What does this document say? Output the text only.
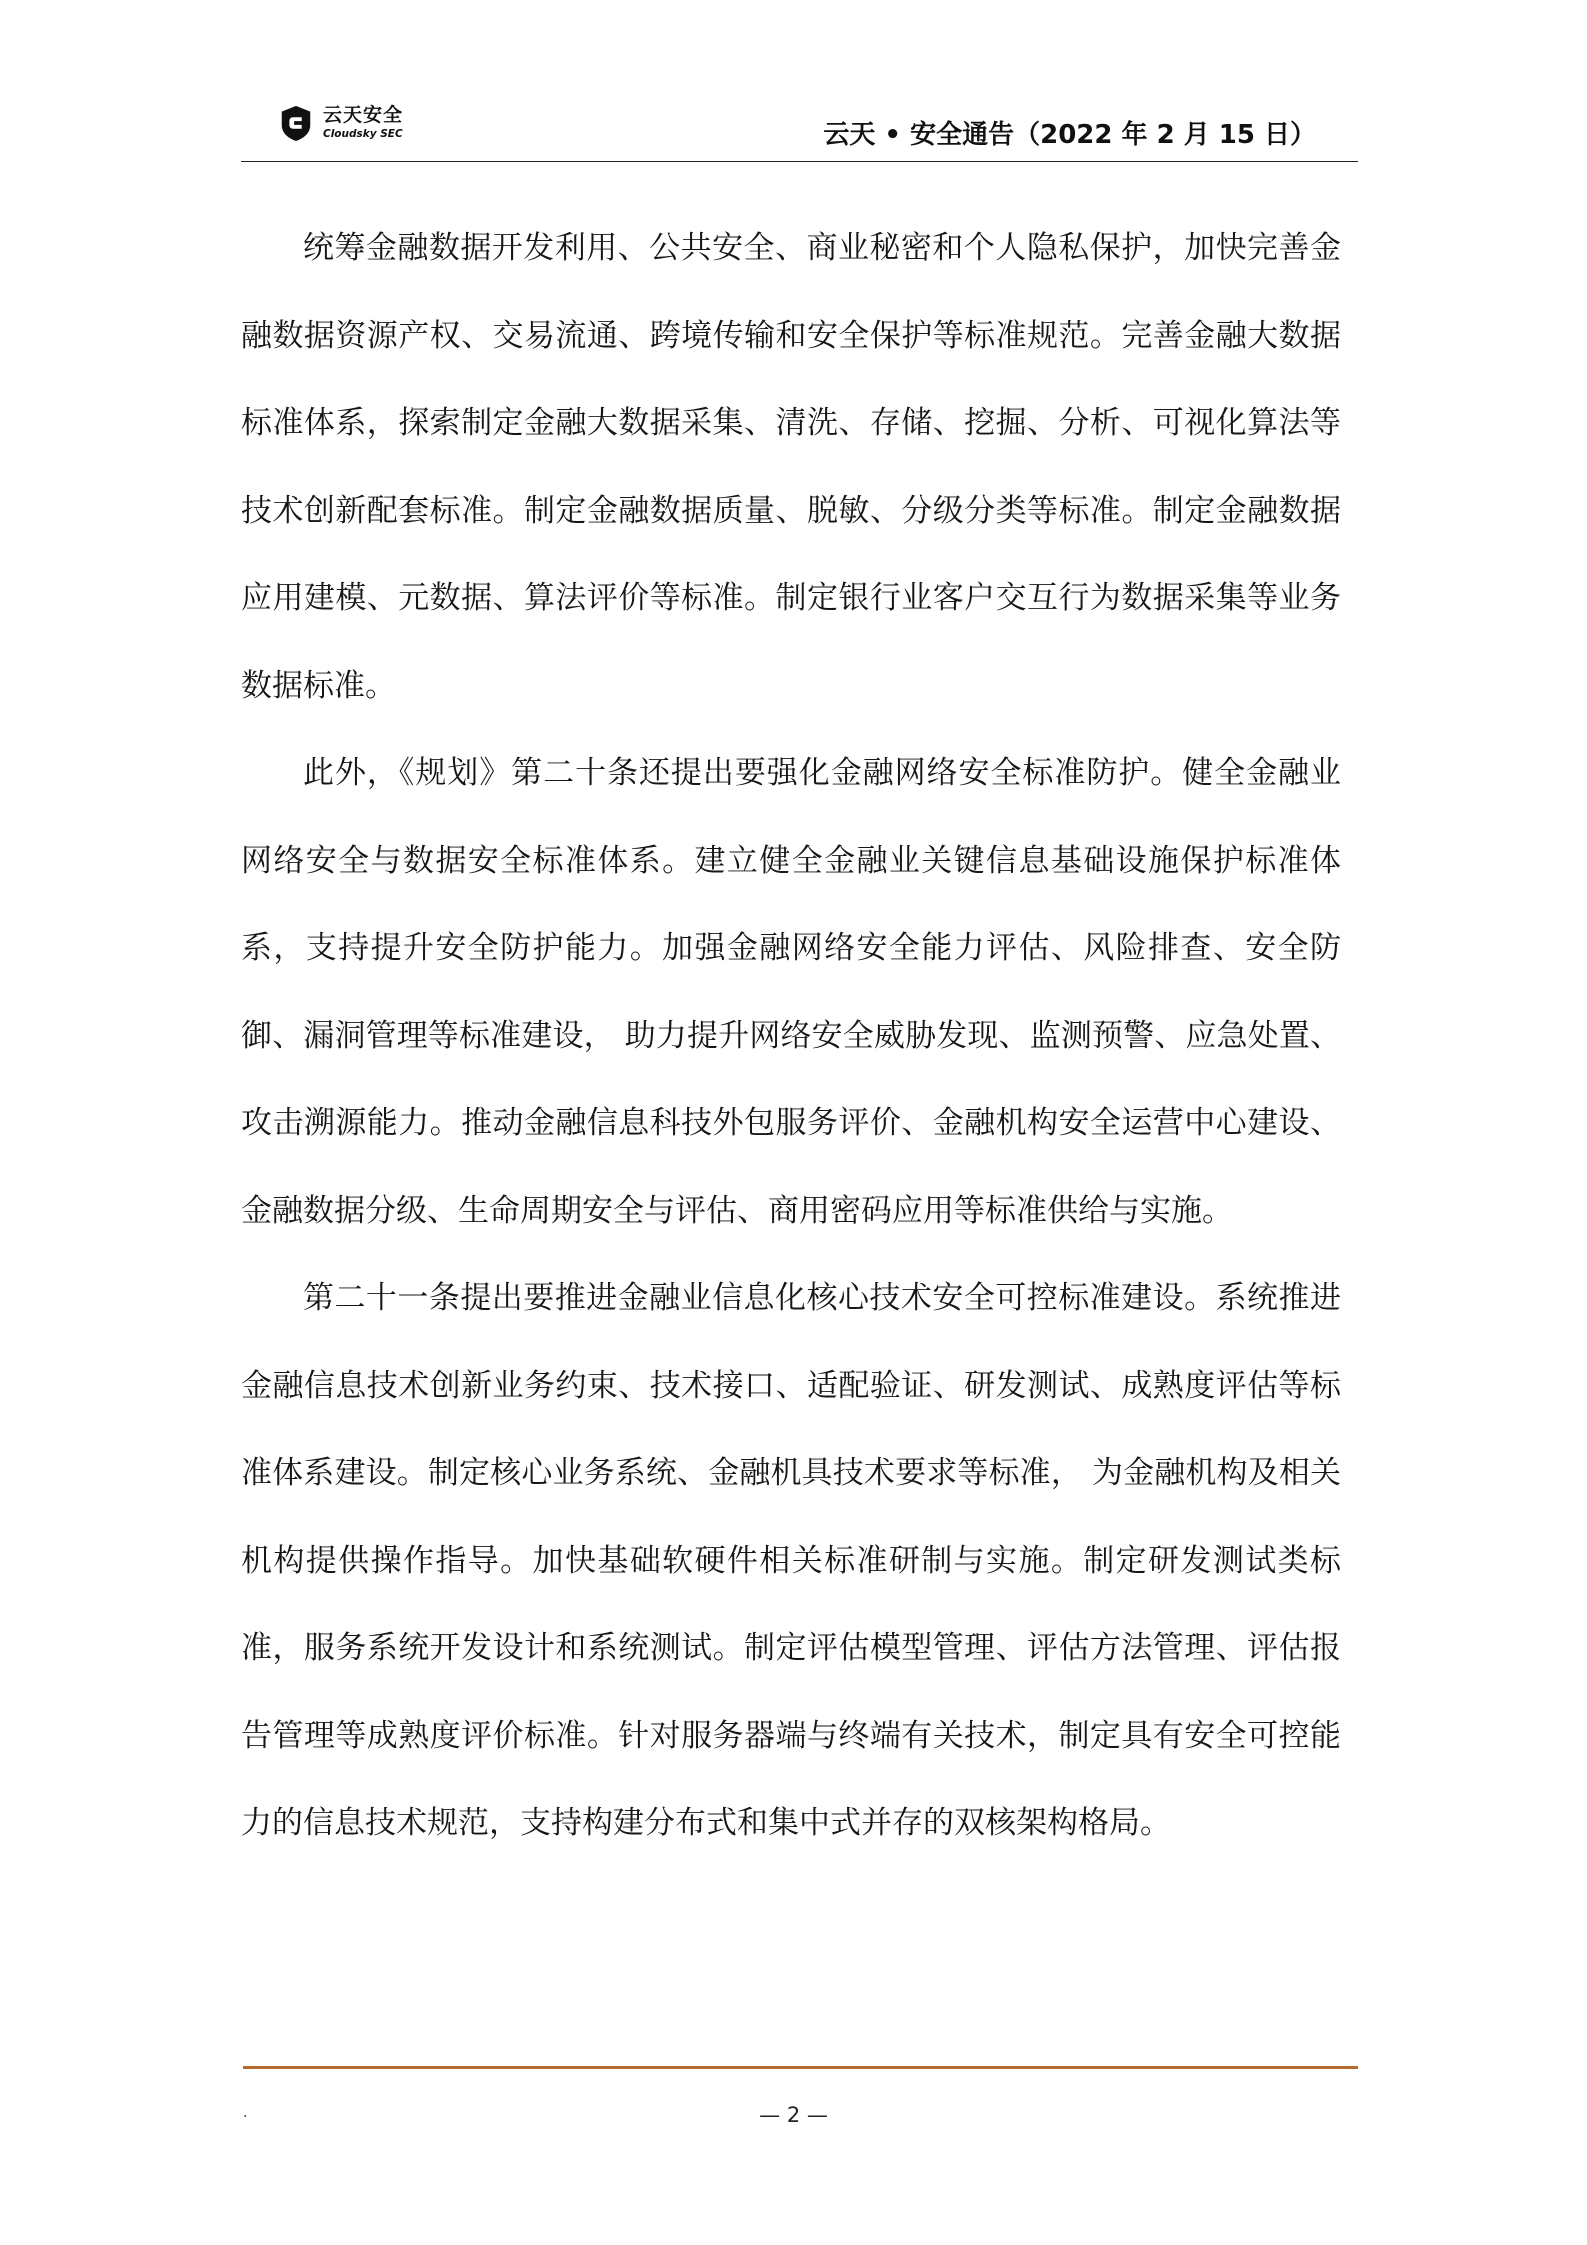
云天安全
Cloudsky SEC	云天 • 安全通告（2022 年 2 月 15 日）

统筹金融数据开发利用、公共安全、商业秘密和个人隐私保护，加快完善金融数据资源产权、交易流通、跨境传输和安全保护等标准规范。完善金融大数据标准体系，探索制定金融大数据采集、清洗、存储、挖掘、分析、可视化算法等技术创新配套标准。制定金融数据质量、脱敏、分级分类等标准。制定金融数据应用建模、元数据、算法评价等标准。制定银行业客户交互行为数据采集等业务数据标准。

此外，《规划》第二十条还提出要强化金融网络安全标准防护。健全金融业网络安全与数据安全标准体系。建立健全金融业关键信息基础设施保护标准体系，支持提升安全防护能力。加强金融网络安全能力评估、风险排查、安全防御、漏洞管理等标准建设， 助力提升网络安全威胁发现、监测预警、应急处置、攻击溯源能力。推动金融信息科技外包服务评价、金融机构安全运营中心建设、金融数据分级、生命周期安全与评估、商用密码应用等标准供给与实施。

第二十一条提出要推进金融业信息化核心技术安全可控标准建设。系统推进金融信息技术创新业务约束、技术接口、适配验证、研发测试、成熟度评估等标准体系建设。制定核心业务系统、金融机具技术要求等标准， 为金融机构及相关机构提供操作指导。加快基础软硬件相关标准研制与实施。制定研发测试类标准，服务系统开发设计和系统测试。制定评估模型管理、评估方法管理、评估报告管理等成熟度评价标准。针对服务器端与终端有关技术，制定具有安全可控能力的信息技术规范，支持构建分布式和集中式并存的双核架构格局。

.	— 2 —
